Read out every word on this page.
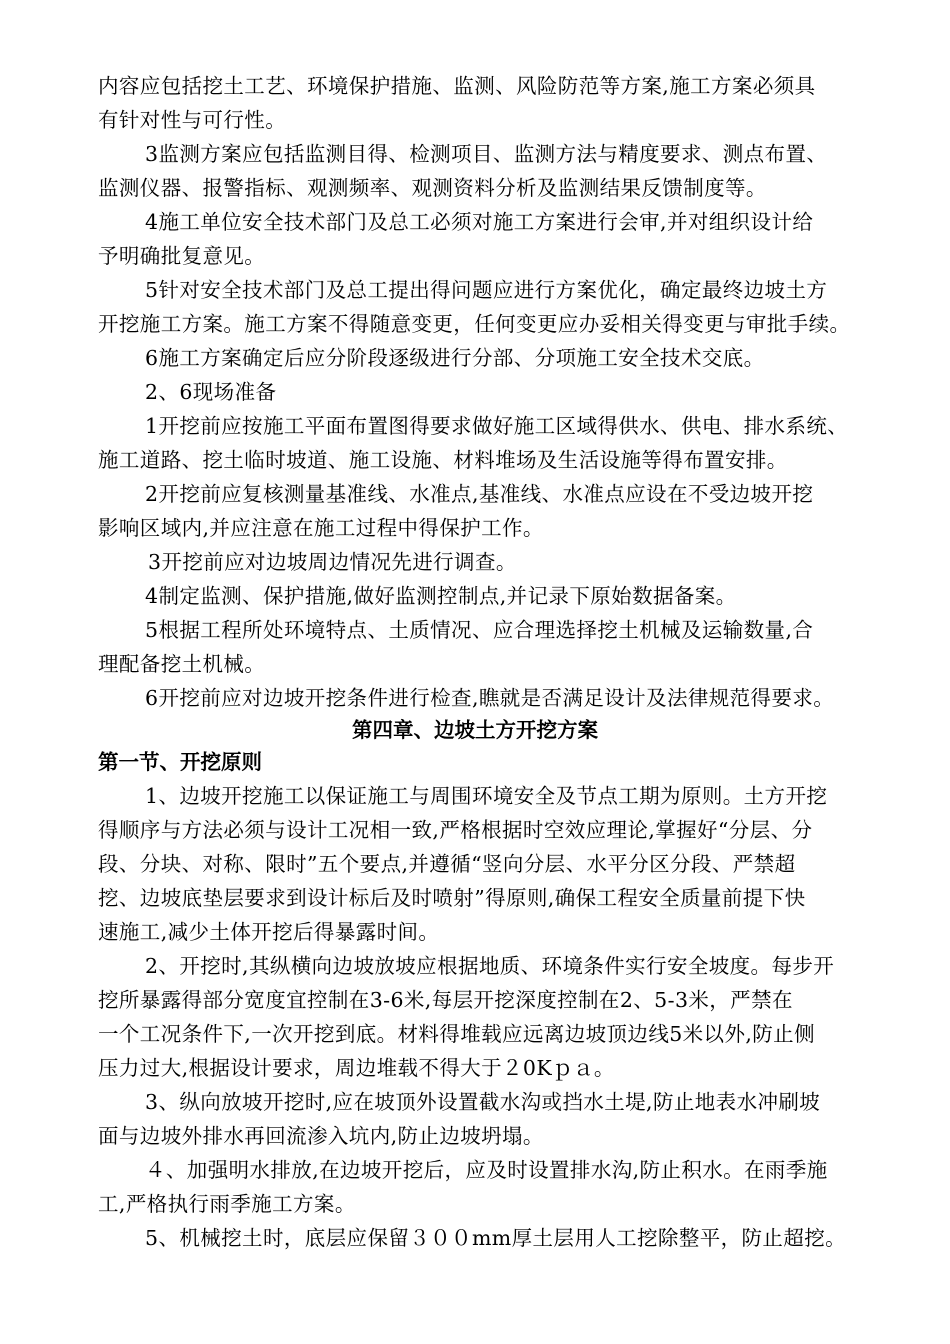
内容应包括挖土工艺、环境保护措施、监测、风险防范等方案,施工方案必须具
有针对性与可行性。
3监测方案应包括监测目得、检测项目、监测方法与精度要求、测点布置、
监测仪器、报警指标、观测频率、观测资料分析及监测结果反馈制度等。
4施工单位安全技术部门及总工必须对施工方案进行会审,并对组织设计给
予明确批复意见。
5针对安全技术部门及总工提出得问题应进行方案优化，确定最终边坡土方
开挖施工方案。施工方案不得随意变更，任何变更应办妥相关得变更与审批手续。
6施工方案确定后应分阶段逐级进行分部、分项施工安全技术交底。
2、6现场准备
1开挖前应按施工平面布置图得要求做好施工区域得供水、供电、排水系统、
施工道路、挖土临时坡道、施工设施、材料堆场及生活设施等得布置安排。
2开挖前应复核测量基准线、水准点,基准线、水准点应设在不受边坡开挖
影响区域内,并应注意在施工过程中得保护工作。
3开挖前应对边坡周边情况先进行调查。
4制定监测、保护措施,做好监测控制点,并记录下原始数据备案。
5根据工程所处环境特点、土质情况、应合理选择挖土机械及运输数量,合
理配备挖土机械。
6开挖前应对边坡开挖条件进行检查,瞧就是否满足设计及法律规范得要求。
第四章、边坡土方开挖方案
第一节、开挖原则
1、边坡开挖施工以保证施工与周围环境安全及节点工期为原则。土方开挖
得顺序与方法必须与设计工况相一致,严格根据时空效应理论,掌握好“分层、分
段、分块、对称、限时”五个要点,并遵循“竖向分层、水平分区分段、严禁超
挖、边坡底垫层要求到设计标后及时喷射”得原则,确保工程安全质量前提下快
速施工,减少土体开挖后得暴露时间。
2、开挖时,其纵横向边坡放坡应根据地质、环境条件实行安全坡度。每步开
挖所暴露得部分宽度宜控制在3-6米,每层开挖深度控制在2、5-3米，严禁在
一个工况条件下,一次开挖到底。材料得堆载应远离边坡顶边线5米以外,防止侧
压力过大,根据设计要求，周边堆载不得大于２0Kｐａ。
3、纵向放坡开挖时,应在坡顶外设置截水沟或挡水土堤,防止地表水冲刷坡
面与边坡外排水再回流渗入坑内,防止边坡坍塌。
４、加强明水排放,在边坡开挖后，应及时设置排水沟,防止积水。在雨季施
工,严格执行雨季施工方案。
5、机械挖土时，底层应保留３００mm厚土层用人工挖除整平，防止超挖。
